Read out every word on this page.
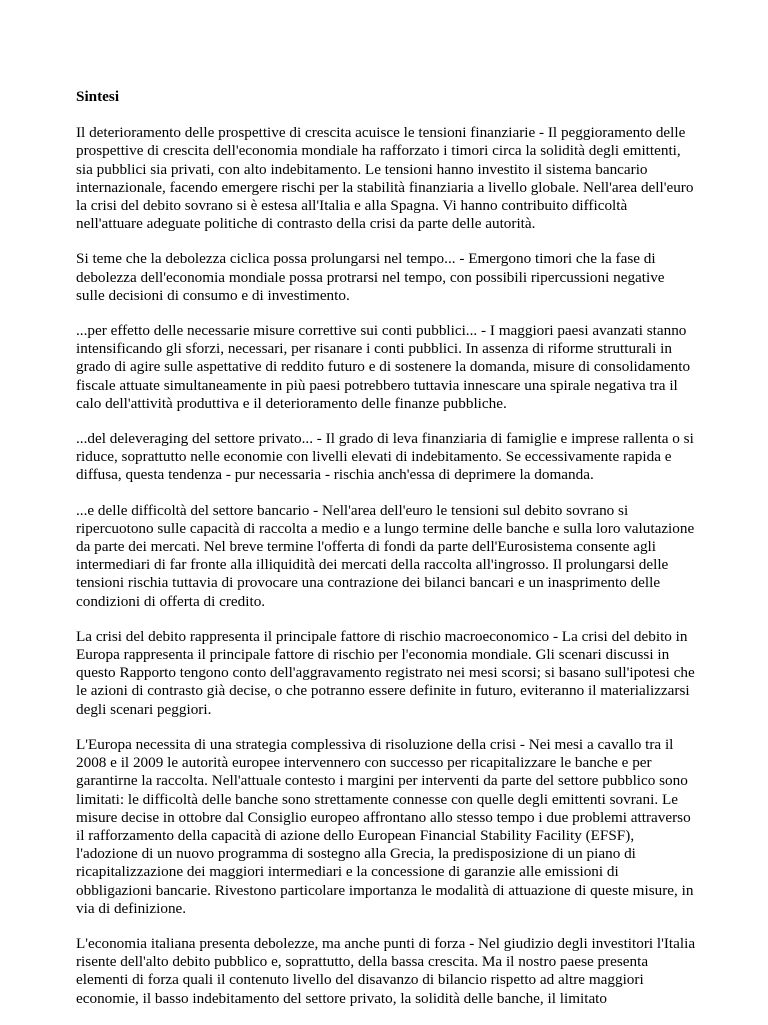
Sintesi

Il deterioramento delle prospettive di crescita acuisce le tensioni finanziarie - Il peggioramento delle prospettive di crescita dell'economia mondiale ha rafforzato i timori circa la solidità degli emittenti, sia pubblici sia privati, con alto indebitamento. Le tensioni hanno investito il sistema bancario internazionale, facendo emergere rischi per la stabilità finanziaria a livello globale. Nell'area dell'euro la crisi del debito sovrano si è estesa all'Italia e alla Spagna. Vi hanno contribuito difficoltà nell'attuare adeguate politiche di contrasto della crisi da parte delle autorità.

Si teme che la debolezza ciclica possa prolungarsi nel tempo... - Emergono timori che la fase di debolezza dell'economia mondiale possa protrarsi nel tempo, con possibili ripercussioni negative sulle decisioni di consumo e di investimento.

...per effetto delle necessarie misure correttive sui conti pubblici... - I maggiori paesi avanzati stanno intensificando gli sforzi, necessari, per risanare i conti pubblici. In assenza di riforme strutturali in grado di agire sulle aspettative di reddito futuro e di sostenere la domanda, misure di consolidamento fiscale attuate simultaneamente in più paesi potrebbero tuttavia innescare una spirale negativa tra il calo dell'attività produttiva e il deterioramento delle finanze pubbliche.

...del deleveraging del settore privato... - Il grado di leva finanziaria di famiglie e imprese rallenta o si riduce, soprattutto nelle economie con livelli elevati di indebitamento. Se eccessivamente rapida e diffusa, questa tendenza - pur necessaria - rischia anch'essa di deprimere la domanda.

...e delle difficoltà del settore bancario - Nell'area dell'euro le tensioni sul debito sovrano si ripercuotono sulle capacità di raccolta a medio e a lungo termine delle banche e sulla loro valutazione da parte dei mercati. Nel breve termine l'offerta di fondi da parte dell'Eurosistema consente agli intermediari di far fronte alla illiquidità dei mercati della raccolta all'ingrosso. Il prolungarsi delle tensioni rischia tuttavia di provocare una contrazione dei bilanci bancari e un inasprimento delle condizioni di offerta di credito.

La crisi del debito rappresenta il principale fattore di rischio macroeconomico - La crisi del debito in Europa rappresenta il principale fattore di rischio per l'economia mondiale. Gli scenari discussi in questo Rapporto tengono conto dell'aggravamento registrato nei mesi scorsi; si basano sull'ipotesi che le azioni di contrasto già decise, o che potranno essere definite in futuro, eviteranno il materializzarsi degli scenari peggiori.

L'Europa necessita di una strategia complessiva di risoluzione della crisi - Nei mesi a cavallo tra il 2008 e il 2009 le autorità europee intervennero con successo per ricapitalizzare le banche e per garantirne la raccolta. Nell'attuale contesto i margini per interventi da parte del settore pubblico sono limitati: le difficoltà delle banche sono strettamente connesse con quelle degli emittenti sovrani. Le misure decise in ottobre dal Consiglio europeo affrontano allo stesso tempo i due problemi attraverso il rafforzamento della capacità di azione dello European Financial Stability Facility (EFSF), l'adozione di un nuovo programma di sostegno alla Grecia, la predisposizione di un piano di ricapitalizzazione dei maggiori intermediari e la concessione di garanzie alle emissioni di obbligazioni bancarie. Rivestono particolare importanza le modalità di attuazione di queste misure, in via di definizione.

L'economia italiana presenta debolezze, ma anche punti di forza - Nel giudizio degli investitori l'Italia risente dell'alto debito pubblico e, soprattutto, della bassa crescita. Ma il nostro paese presenta elementi di forza quali il contenuto livello del disavanzo di bilancio rispetto ad altre maggiori economie, il basso indebitamento del settore privato, la solidità delle banche, il limitato
